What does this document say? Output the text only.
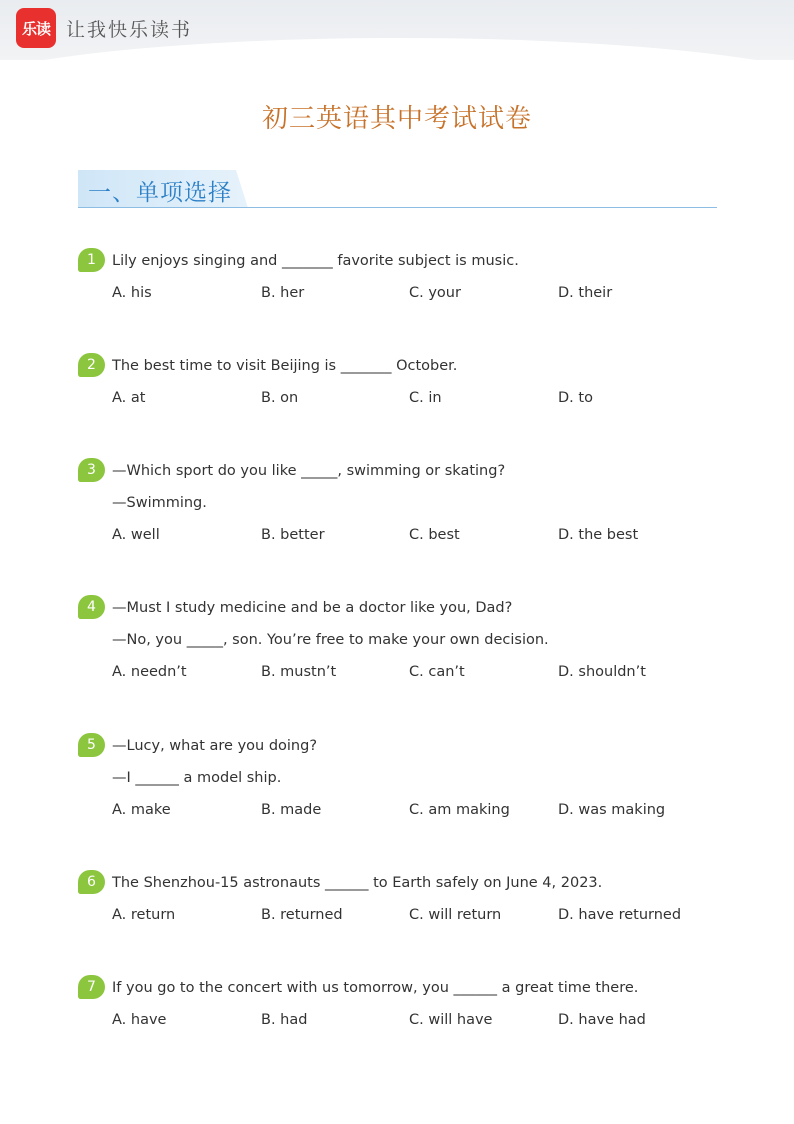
乐读 让我快乐读书
初三英语其中考试试卷
一、单项选择
1	Lily enjoys singing and _______ favorite subject is music.
A. his	B. her	C. your	D. their
2	The best time to visit Beijing is _______ October.
A. at	B. on	C. in	D. to
3	—Which sport do you like _____, swimming or skating?
—Swimming.
A. well	B. better	C. best	D. the best
4	—Must I study medicine and be a doctor like you, Dad?
—No, you _____, son. You’re free to make your own decision.
A. needn’t	B. mustn’t	C. can’t	D. shouldn’t
5	—Lucy, what are you doing?
—I ______ a model ship.
A. make	B. made	C. am making	D. was making
6	The Shenzhou-15 astronauts ______ to Earth safely on June 4, 2023.
A. return	B. returned	C. will return	D. have returned
7	If you go to the concert with us tomorrow, you ______ a great time there.
A. have	B. had	C. will have	D. have had
